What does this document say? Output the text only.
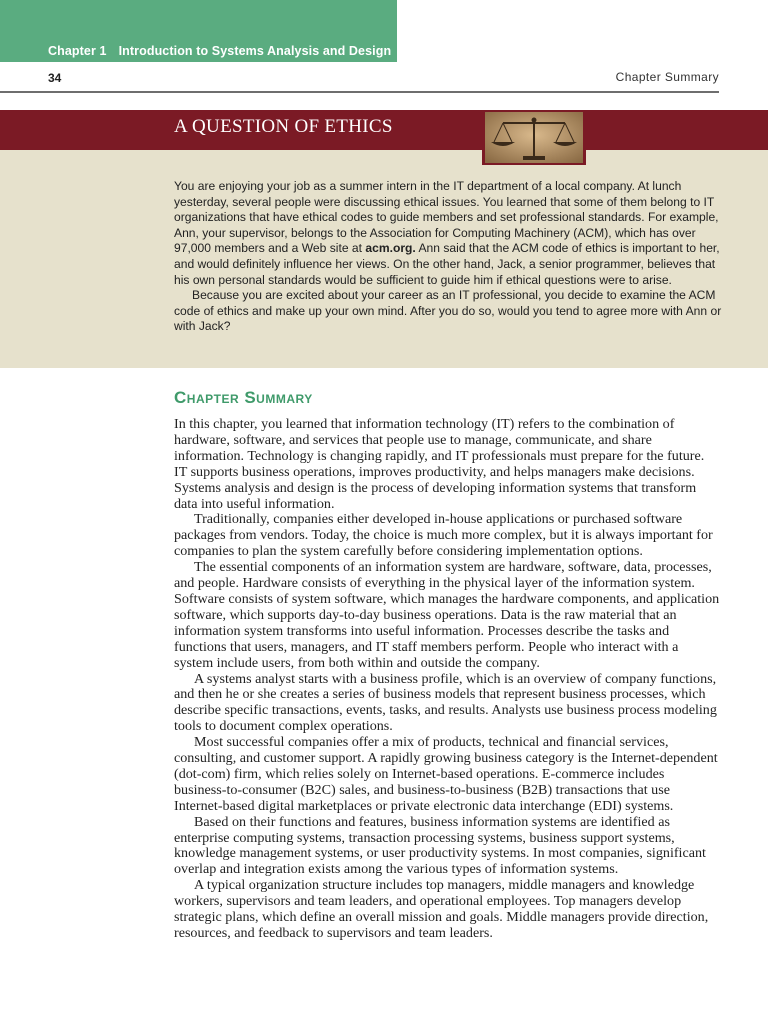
Chapter 1 Introduction to Systems Analysis and Design
34	Chapter Summary
A QUESTION OF ETHICS

You are enjoying your job as a summer intern in the IT department of a local company. At lunch yesterday, several people were discussing ethical issues. You learned that some of them belong to IT organizations that have ethical codes to guide members and set professional standards. For example, Ann, your supervisor, belongs to the Association for Computing Machinery (ACM), which has over 97,000 members and a Web site at acm.org. Ann said that the ACM code of ethics is important to her, and would definitely influence her views. On the other hand, Jack, a senior programmer, believes that his own personal standards would be sufficient to guide him if ethical questions were to arise.

Because you are excited about your career as an IT professional, you decide to examine the ACM code of ethics and make up your own mind. After you do so, would you tend to agree more with Ann or with Jack?

Chapter Summary

In this chapter, you learned that information technology (IT) refers to the combination of hardware, software, and services that people use to manage, communicate, and share information. Technology is changing rapidly, and IT professionals must prepare for the future. IT supports business operations, improves productivity, and helps managers make decisions. Systems analysis and design is the process of developing information systems that transform data into useful information.

Traditionally, companies either developed in-house applications or purchased software packages from vendors. Today, the choice is much more complex, but it is always important for companies to plan the system carefully before considering implementation options.

The essential components of an information system are hardware, software, data, processes, and people. Hardware consists of everything in the physical layer of the information system. Software consists of system software, which manages the hardware components, and application software, which supports day-to-day business operations. Data is the raw material that an information system transforms into useful information. Processes describe the tasks and functions that users, managers, and IT staff members perform. People who interact with a system include users, from both within and outside the company.

A systems analyst starts with a business profile, which is an overview of company functions, and then he or she creates a series of business models that represent business processes, which describe specific transactions, events, tasks, and results. Analysts use business process modeling tools to document complex operations.

Most successful companies offer a mix of products, technical and financial services, consulting, and customer support. A rapidly growing business category is the Internet-dependent (dot-com) firm, which relies solely on Internet-based operations. E-commerce includes business-to-consumer (B2C) sales, and business-to-business (B2B) transactions that use Internet-based digital marketplaces or private electronic data interchange (EDI) systems.

Based on their functions and features, business information systems are identified as enterprise computing systems, transaction processing systems, business support systems, knowledge management systems, or user productivity systems. In most companies, significant overlap and integration exists among the various types of information systems.

A typical organization structure includes top managers, middle managers and knowledge workers, supervisors and team leaders, and operational employees. Top managers develop strategic plans, which define an overall mission and goals. Middle managers provide direction, resources, and feedback to supervisors and team leaders.
